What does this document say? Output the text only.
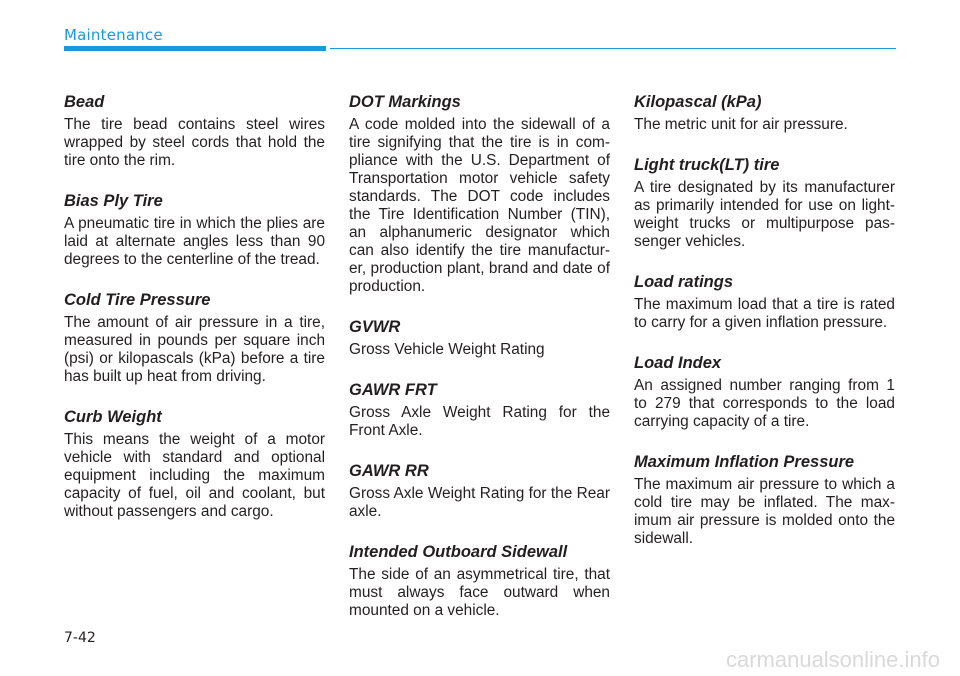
Maintenance
Bead

The tire bead contains steel wires wrapped by steel cords that hold the tire onto the rim.

Bias Ply Tire

A pneumatic tire in which the plies are laid at alternate angles less than 90 degrees to the centerline of the tread.

Cold Tire Pressure

The amount of air pressure in a tire, measured in pounds per square inch (psi) or kilopascals (kPa) before a tire has built up heat from driving.

Curb Weight

This means the weight of a motor vehicle with standard and optional equipment including the maximum capacity of fuel, oil and coolant, but without passengers and cargo.

DOT Markings

A code molded into the sidewall of a tire signifying that the tire is in com-pliance with the U.S. Department of Transportation motor vehicle safety standards. The DOT code includes the Tire Identification Number (TIN), an alphanumeric designator which can also identify the tire manufactur-er, production plant, brand and date of production.

GVWR

Gross Vehicle Weight Rating

GAWR FRT

Gross Axle Weight Rating for the Front Axle.

GAWR RR

Gross Axle Weight Rating for the Rear axle.

Intended Outboard Sidewall

The side of an asymmetrical tire, that must always face outward when mounted on a vehicle.

Kilopascal (kPa)

The metric unit for air pressure.

Light truck(LT) tire

A tire designated by its manufacturer as primarily intended for use on light-weight trucks or multipurpose pas-senger vehicles.

Load ratings

The maximum load that a tire is rated to carry for a given inflation pressure.

Load Index

An assigned number ranging from 1 to 279 that corresponds to the load carrying capacity of a tire.

Maximum Inflation Pressure

The maximum air pressure to which a cold tire may be inflated. The max-imum air pressure is molded onto the sidewall.

7-42
carmanualsonline.info
